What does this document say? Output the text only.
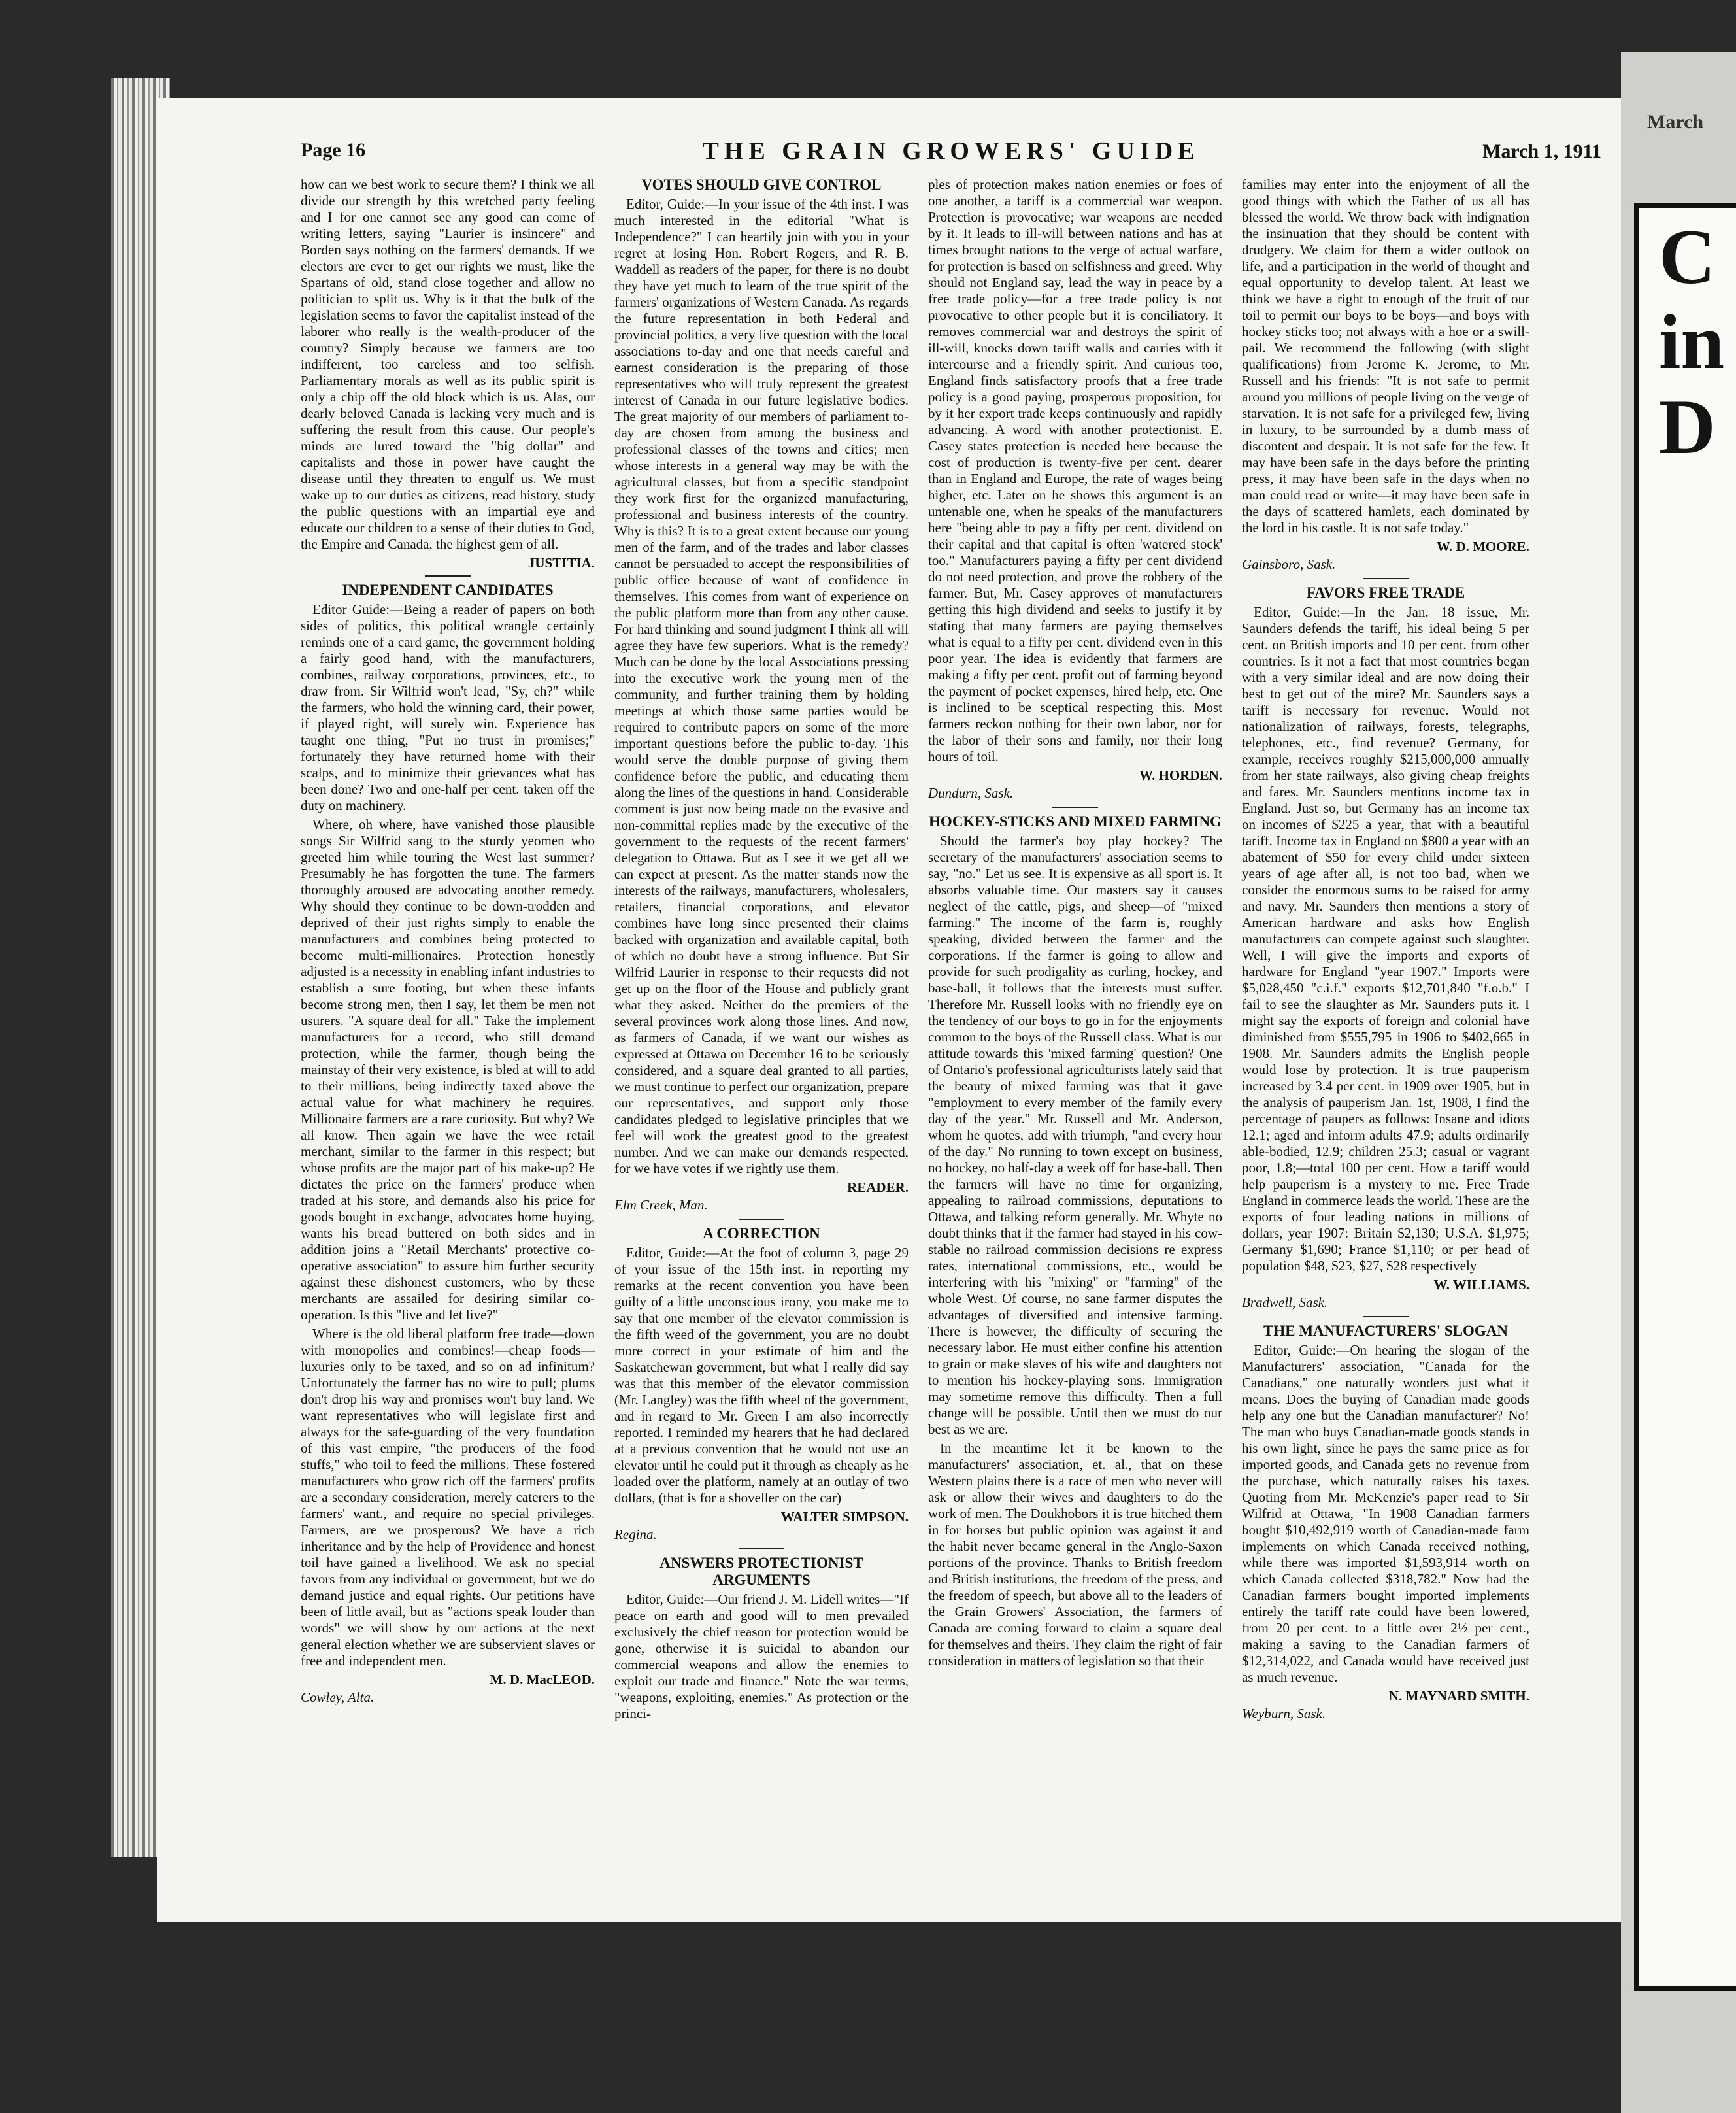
March
Page 16	THE GRAIN GROWERS' GUIDE	March 1, 1911

how can we best work to secure them? I think we all divide our strength by this wretched party feeling and I for one cannot see any good can come of writing letters, saying "Laurier is insincere" and Borden says nothing on the farmers' demands. If we electors are ever to get our rights we must, like the Spartans of old, stand close together and allow no politician to split us. Why is it that the bulk of the legislation seems to favor the capitalist instead of the laborer who really is the wealth-producer of the country? Simply because we farmers are too indifferent, too careless and too selfish. Parliamentary morals as well as its public spirit is only a chip off the old block which is us. Alas, our dearly beloved Canada is lacking very much and is suffering the result from this cause. Our people's minds are lured toward the "big dollar" and capitalists and those in power have caught the disease until they threaten to engulf us. We must wake up to our duties as citizens, read history, study the public questions with an impartial eye and educate our children to a sense of their duties to God, the Empire and Canada, the highest gem of all.

JUSTITIA.
INDEPENDENT CANDIDATES

Editor Guide:—Being a reader of papers on both sides of politics, this political wrangle certainly reminds one of a card game, the government holding a fairly good hand, with the manufacturers, combines, railway corporations, provinces, etc., to draw from. Sir Wilfrid won't lead, "Sy, eh?" while the farmers, who hold the winning card, their power, if played right, will surely win. Experience has taught one thing, "Put no trust in promises;" fortunately they have returned home with their scalps, and to minimize their grievances what has been done? Two and one-half per cent. taken off the duty on machinery.

Where, oh where, have vanished those plausible songs Sir Wilfrid sang to the sturdy yeomen who greeted him while touring the West last summer? Presumably he has forgotten the tune. The farmers thoroughly aroused are advocating another remedy. Why should they continue to be down-trodden and deprived of their just rights simply to enable the manufacturers and combines being protected to become multi-millionaires. Protection honestly adjusted is a necessity in enabling infant industries to establish a sure footing, but when these infants become strong men, then I say, let them be men not usurers. "A square deal for all." Take the implement manufacturers for a record, who still demand protection, while the farmer, though being the mainstay of their very existence, is bled at will to add to their millions, being indirectly taxed above the actual value for what machinery he requires. Millionaire farmers are a rare curiosity. But why? We all know. Then again we have the wee retail merchant, similar to the farmer in this respect; but whose profits are the major part of his make-up? He dictates the price on the farmers' produce when traded at his store, and demands also his price for goods bought in exchange, advocates home buying, wants his bread buttered on both sides and in addition joins a "Retail Merchants' protective co-operative association" to assure him further security against these dishonest customers, who by these merchants are assailed for desiring similar co-operation. Is this "live and let live?"

Where is the old liberal platform free trade—down with monopolies and combines!—cheap foods—luxuries only to be taxed, and so on ad infinitum? Unfortunately the farmer has no wire to pull; plums don't drop his way and promises won't buy land. We want representatives who will legislate first and always for the safe-guarding of the very foundation of this vast empire, "the producers of the food stuffs," who toil to feed the millions. These fostered manufacturers who grow rich off the farmers' profits are a secondary consideration, merely caterers to the farmers' want., and require no special privileges. Farmers, are we prosperous? We have a rich inheritance and by the help of Providence and honest toil have gained a livelihood. We ask no special favors from any individual or government, but we do demand justice and equal rights. Our petitions have been of little avail, but as "actions speak louder than words" we will show by our actions at the next general election whether we are subservient slaves or free and independent men.

M. D. MacLEOD.
Cowley, Alta.
VOTES SHOULD GIVE CONTROL

Editor, Guide:—In your issue of the 4th inst. I was much interested in the editorial "What is Independence?" I can heartily join with you in your regret at losing Hon. Robert Rogers, and R. B. Waddell as readers of the paper, for there is no doubt they have yet much to learn of the true spirit of the farmers' organizations of Western Canada. As regards the future representation in both Federal and provincial politics, a very live question with the local associations to-day and one that needs careful and earnest consideration is the preparing of those representatives who will truly represent the greatest interest of Canada in our future legislative bodies. The great majority of our members of parliament to-day are chosen from among the business and professional classes of the towns and cities; men whose interests in a general way may be with the agricultural classes, but from a specific standpoint they work first for the organized manufacturing, professional and business interests of the country. Why is this? It is to a great extent because our young men of the farm, and of the trades and labor classes cannot be persuaded to accept the responsibilities of public office because of want of confidence in themselves. This comes from want of experience on the public platform more than from any other cause. For hard thinking and sound judgment I think all will agree they have few superiors. What is the remedy? Much can be done by the local Associations pressing into the executive work the young men of the community, and further training them by holding meetings at which those same parties would be required to contribute papers on some of the more important questions before the public to-day. This would serve the double purpose of giving them confidence before the public, and educating them along the lines of the questions in hand. Considerable comment is just now being made on the evasive and non-committal replies made by the executive of the government to the requests of the recent farmers' delegation to Ottawa. But as I see it we get all we can expect at present. As the matter stands now the interests of the railways, manufacturers, wholesalers, retailers, financial corporations, and elevator combines have long since presented their claims backed with organization and available capital, both of which no doubt have a strong influence. But Sir Wilfrid Laurier in response to their requests did not get up on the floor of the House and publicly grant what they asked. Neither do the premiers of the several provinces work along those lines. And now, as farmers of Canada, if we want our wishes as expressed at Ottawa on December 16 to be seriously considered, and a square deal granted to all parties, we must continue to perfect our organization, prepare our representatives, and support only those candidates pledged to legislative principles that we feel will work the greatest good to the greatest number. And we can make our demands respected, for we have votes if we rightly use them.

READER.
Elm Creek, Man.
A CORRECTION

Editor, Guide:—At the foot of column 3, page 29 of your issue of the 15th inst. in reporting my remarks at the recent convention you have been guilty of a little unconscious irony, you make me to say that one member of the elevator commission is the fifth weed of the government, you are no doubt more correct in your estimate of him and the Saskatchewan government, but what I really did say was that this member of the elevator commission (Mr. Langley) was the fifth wheel of the government, and in regard to Mr. Green I am also incorrectly reported. I reminded my hearers that he had declared at a previous convention that he would not use an elevator until he could put it through as cheaply as he loaded over the platform, namely at an outlay of two dollars, (that is for a shoveller on the car)

WALTER SIMPSON.
Regina.
ANSWERS PROTECTIONIST ARGUMENTS

Editor, Guide:—Our friend J. M. Lidell writes—"If peace on earth and good will to men prevailed exclusively the chief reason for protection would be gone, otherwise it is suicidal to abandon our commercial weapons and allow the enemies to exploit our trade and finance." Note the war terms, "weapons, exploiting, enemies." As protection or the princi-

ples of protection makes nation enemies or foes of one another, a tariff is a commercial war weapon. Protection is provocative; war weapons are needed by it. It leads to ill-will between nations and has at times brought nations to the verge of actual warfare, for protection is based on selfishness and greed. Why should not England say, lead the way in peace by a free trade policy—for a free trade policy is not provocative to other people but it is conciliatory. It removes commercial war and destroys the spirit of ill-will, knocks down tariff walls and carries with it intercourse and a friendly spirit. And curious too, England finds satisfactory proofs that a free trade policy is a good paying, prosperous proposition, for by it her export trade keeps continuously and rapidly advancing. A word with another protectionist. E. Casey states protection is needed here because the cost of production is twenty-five per cent. dearer than in England and Europe, the rate of wages being higher, etc. Later on he shows this argument is an untenable one, when he speaks of the manufacturers here "being able to pay a fifty per cent. dividend on their capital and that capital is often 'watered stock' too." Manufacturers paying a fifty per cent dividend do not need protection, and prove the robbery of the farmer. But, Mr. Casey approves of manufacturers getting this high dividend and seeks to justify it by stating that many farmers are paying themselves what is equal to a fifty per cent. dividend even in this poor year. The idea is evidently that farmers are making a fifty per cent. profit out of farming beyond the payment of pocket expenses, hired help, etc. One is inclined to be sceptical respecting this. Most farmers reckon nothing for their own labor, nor for the labor of their sons and family, nor their long hours of toil.

W. HORDEN.
Dundurn, Sask.
HOCKEY-STICKS AND MIXED FARMING

Should the farmer's boy play hockey? The secretary of the manufacturers' association seems to say, "no." Let us see. It is expensive as all sport is. It absorbs valuable time. Our masters say it causes neglect of the cattle, pigs, and sheep—of "mixed farming." The income of the farm is, roughly speaking, divided between the farmer and the corporations. If the farmer is going to allow and provide for such prodigality as curling, hockey, and base-ball, it follows that the interests must suffer. Therefore Mr. Russell looks with no friendly eye on the tendency of our boys to go in for the enjoyments common to the boys of the Russell class. What is our attitude towards this 'mixed farming' question? One of Ontario's professional agriculturists lately said that the beauty of mixed farming was that it gave "employment to every member of the family every day of the year." Mr. Russell and Mr. Anderson, whom he quotes, add with triumph, "and every hour of the day." No running to town except on business, no hockey, no half-day a week off for base-ball. Then the farmers will have no time for organizing, appealing to railroad commissions, deputations to Ottawa, and talking reform generally. Mr. Whyte no doubt thinks that if the farmer had stayed in his cow-stable no railroad commission decisions re express rates, international commissions, etc., would be interfering with his "mixing" or "farming" of the whole West. Of course, no sane farmer disputes the advantages of diversified and intensive farming. There is however, the difficulty of securing the necessary labor. He must either confine his attention to grain or make slaves of his wife and daughters not to mention his hockey-playing sons. Immigration may sometime remove this difficulty. Then a full change will be possible. Until then we must do our best as we are.

In the meantime let it be known to the manufacturers' association, et. al., that on these Western plains there is a race of men who never will ask or allow their wives and daughters to do the work of men. The Doukhobors it is true hitched them in for horses but public opinion was against it and the habit never became general in the Anglo-Saxon portions of the province. Thanks to British freedom and British institutions, the freedom of the press, and the freedom of speech, but above all to the leaders of the Grain Growers' Association, the farmers of Canada are coming forward to claim a square deal for themselves and theirs. They claim the right of fair consideration in matters of legislation so that their

families may enter into the enjoyment of all the good things with which the Father of us all has blessed the world. We throw back with indignation the insinuation that they should be content with drudgery. We claim for them a wider outlook on life, and a participation in the world of thought and equal opportunity to develop talent. At least we think we have a right to enough of the fruit of our toil to permit our boys to be boys—and boys with hockey sticks too; not always with a hoe or a swill-pail. We recommend the following (with slight qualifications) from Jerome K. Jerome, to Mr. Russell and his friends: "It is not safe to permit around you millions of people living on the verge of starvation. It is not safe for a privileged few, living in luxury, to be surrounded by a dumb mass of discontent and despair. It is not safe for the few. It may have been safe in the days before the printing press, it may have been safe in the days when no man could read or write—it may have been safe in the days of scattered hamlets, each dominated by the lord in his castle. It is not safe today."

W. D. MOORE.
Gainsboro, Sask.
FAVORS FREE TRADE

Editor, Guide:—In the Jan. 18 issue, Mr. Saunders defends the tariff, his ideal being 5 per cent. on British imports and 10 per cent. from other countries. Is it not a fact that most countries began with a very similar ideal and are now doing their best to get out of the mire? Mr. Saunders says a tariff is necessary for revenue. Would not nationalization of railways, forests, telegraphs, telephones, etc., find revenue? Germany, for example, receives roughly $215,000,000 annually from her state railways, also giving cheap freights and fares. Mr. Saunders mentions income tax in England. Just so, but Germany has an income tax on incomes of $225 a year, that with a beautiful tariff. Income tax in England on $800 a year with an abatement of $50 for every child under sixteen years of age after all, is not too bad, when we consider the enormous sums to be raised for army and navy. Mr. Saunders then mentions a story of American hardware and asks how English manufacturers can compete against such slaughter. Well, I will give the imports and exports of hardware for England "year 1907." Imports were $5,028,450 "c.i.f." exports $12,701,840 "f.o.b." I fail to see the slaughter as Mr. Saunders puts it. I might say the exports of foreign and colonial have diminished from $555,795 in 1906 to $402,665 in 1908. Mr. Saunders admits the English people would lose by protection. It is true pauperism increased by 3.4 per cent. in 1909 over 1905, but in the analysis of pauperism Jan. 1st, 1908, I find the percentage of paupers as follows: Insane and idiots 12.1; aged and inform adults 47.9; adults ordinarily able-bodied, 12.9; children 25.3; casual or vagrant poor, 1.8;—total 100 per cent. How a tariff would help pauperism is a mystery to me. Free Trade England in commerce leads the world. These are the exports of four leading nations in millions of dollars, year 1907: Britain $2,130; U.S.A. $1,975; Germany $1,690; France $1,110; or per head of population $48, $23, $27, $28 respectively

W. WILLIAMS.
Bradwell, Sask.
THE MANUFACTURERS' SLOGAN

Editor, Guide:—On hearing the slogan of the Manufacturers' association, "Canada for the Canadians," one naturally wonders just what it means. Does the buying of Canadian made goods help any one but the Canadian manufacturer? No! The man who buys Canadian-made goods stands in his own light, since he pays the same price as for imported goods, and Canada gets no revenue from the purchase, which naturally raises his taxes. Quoting from Mr. McKenzie's paper read to Sir Wilfrid at Ottawa, "In 1908 Canadian farmers bought $10,492,919 worth of Canadian-made farm implements on which Canada received nothing, while there was imported $1,593,914 worth on which Canada collected $318,782." Now had the Canadian farmers bought imported implements entirely the tariff rate could have been lowered, from 20 per cent. to a little over 2½ per cent., making a saving to the Canadian farmers of $12,314,022, and Canada would have received just as much revenue.

N. MAYNARD SMITH.
Weyburn, Sask.
C
in
D
